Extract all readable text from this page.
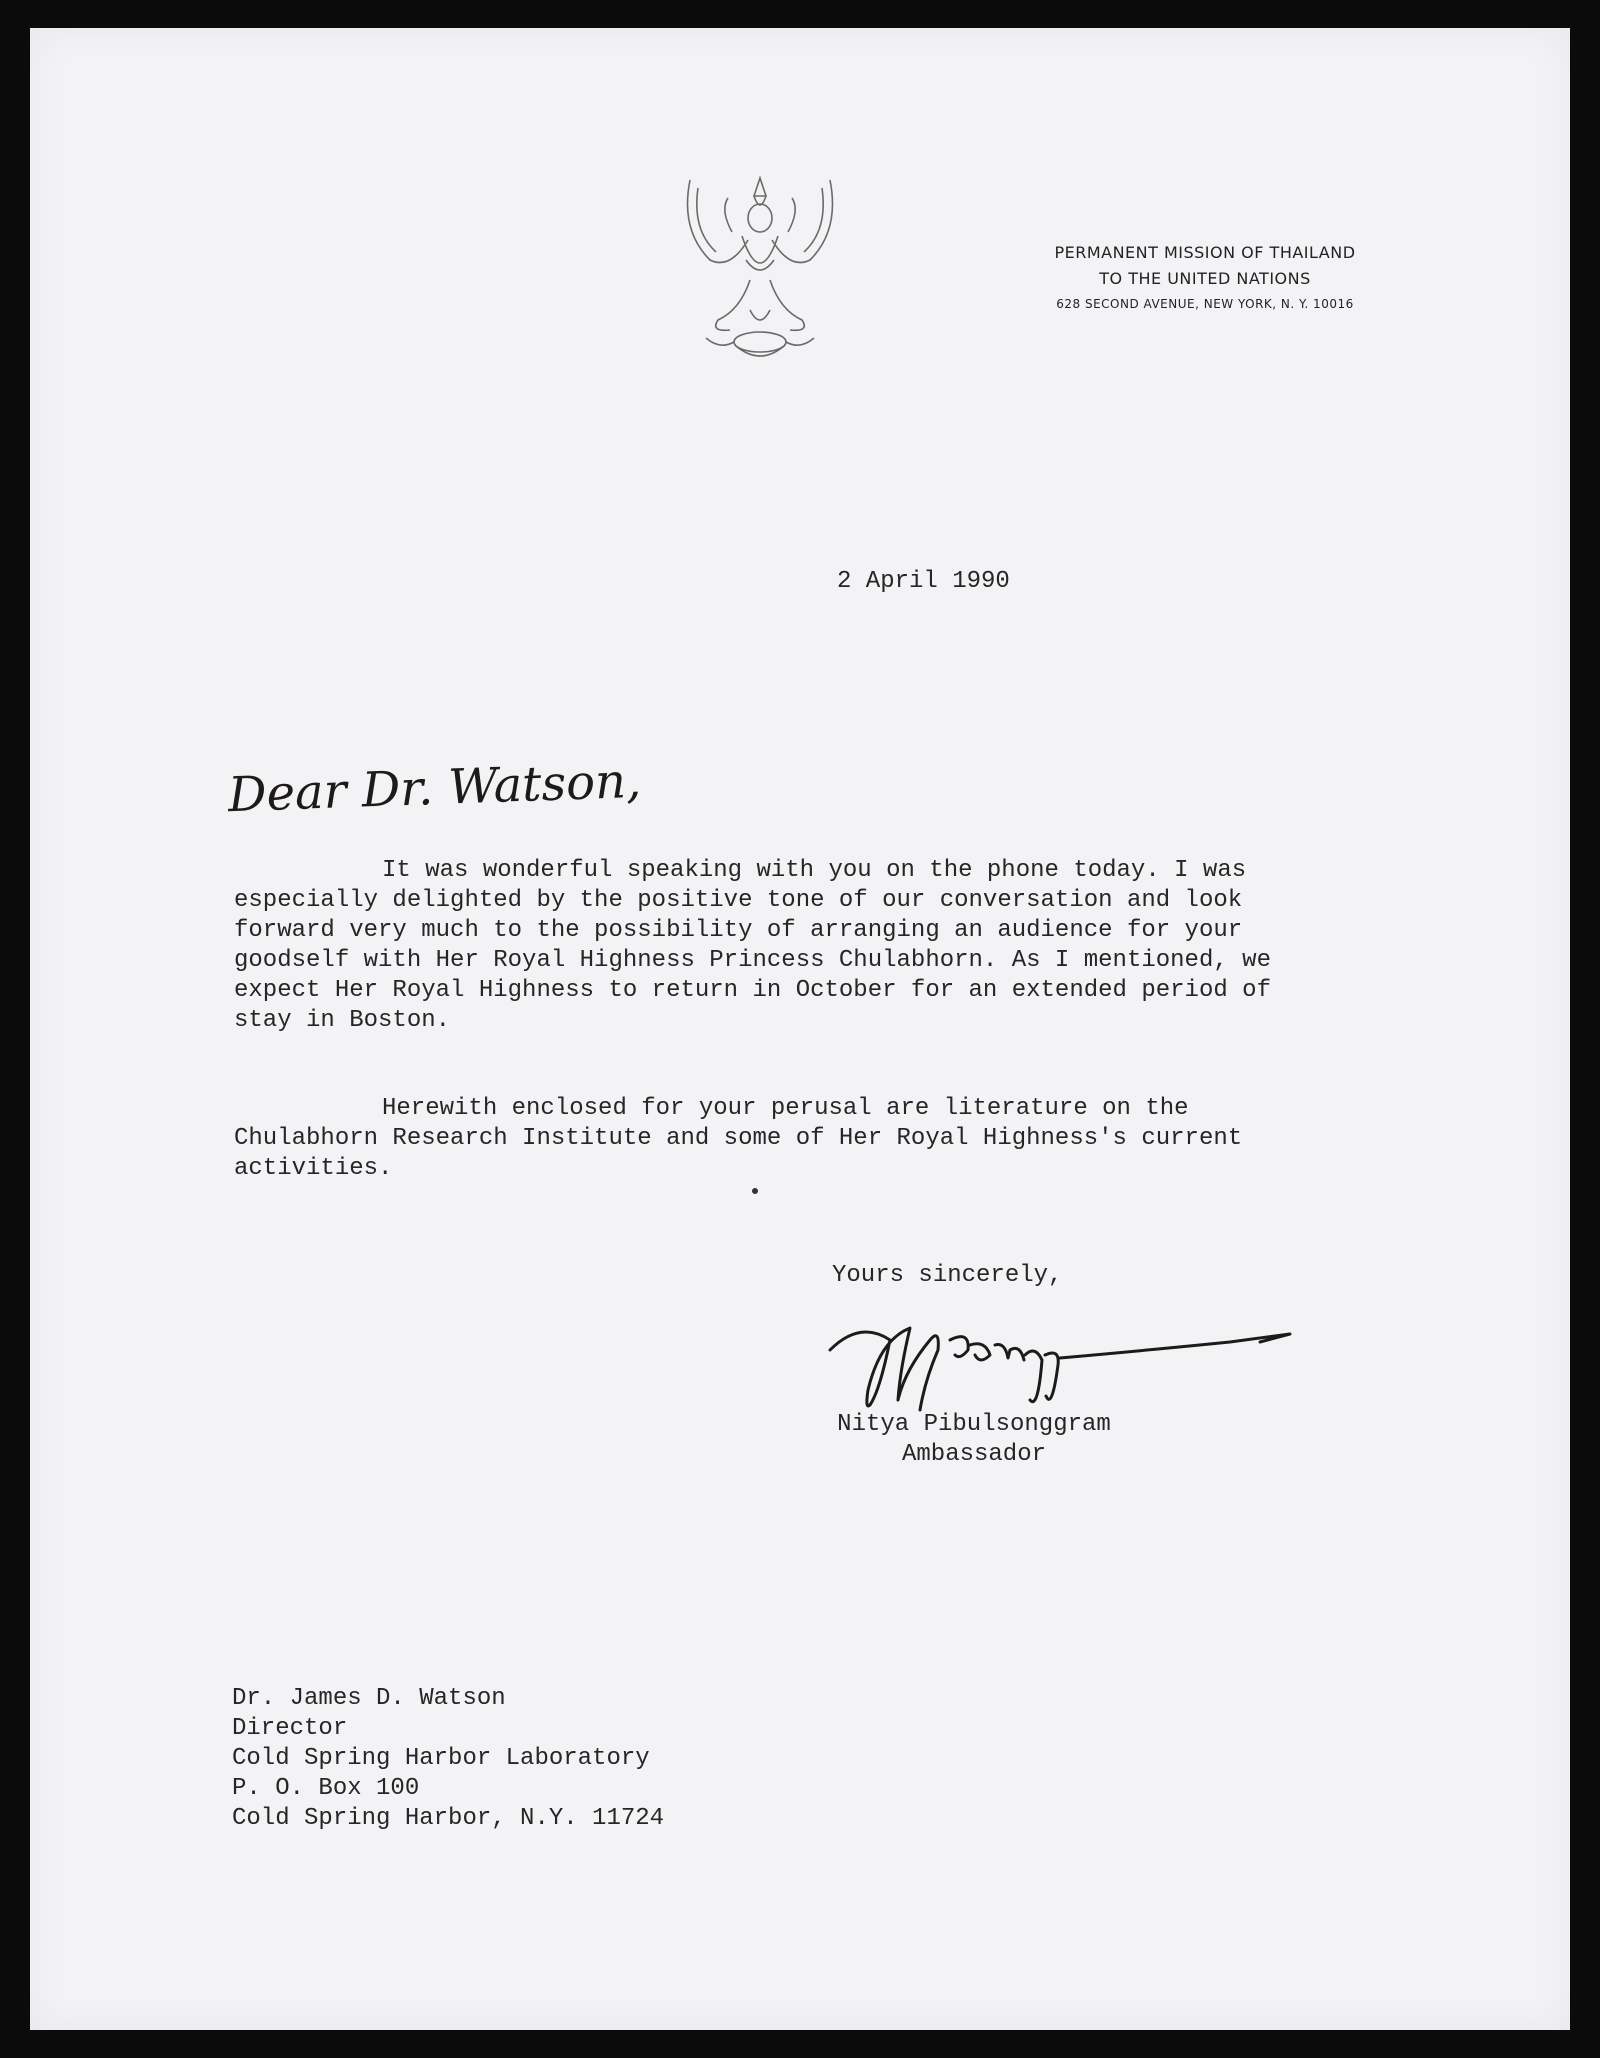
PERMANENT MISSION OF THAILAND
TO THE UNITED NATIONS
628 SECOND AVENUE, NEW YORK, N. Y. 10016
2 April 1990
Dear Dr. Watson,

It was wonderful speaking with you on the phone today. I was
especially delighted by the positive tone of our conversation and look
forward very much to the possibility of arranging an audience for your
goodself with Her Royal Highness Princess Chulabhorn. As I mentioned, we
expect Her Royal Highness to return in October for an extended period of
stay in Boston.

Herewith enclosed for your perusal are literature on the
Chulabhorn Research Institute and some of Her Royal Highness's current
activities.

Yours sincerely,
Nitya Pibulsonggram
Ambassador
Dr. James D. Watson
Director
Cold Spring Harbor Laboratory
P. O. Box 100
Cold Spring Harbor, N.Y. 11724
